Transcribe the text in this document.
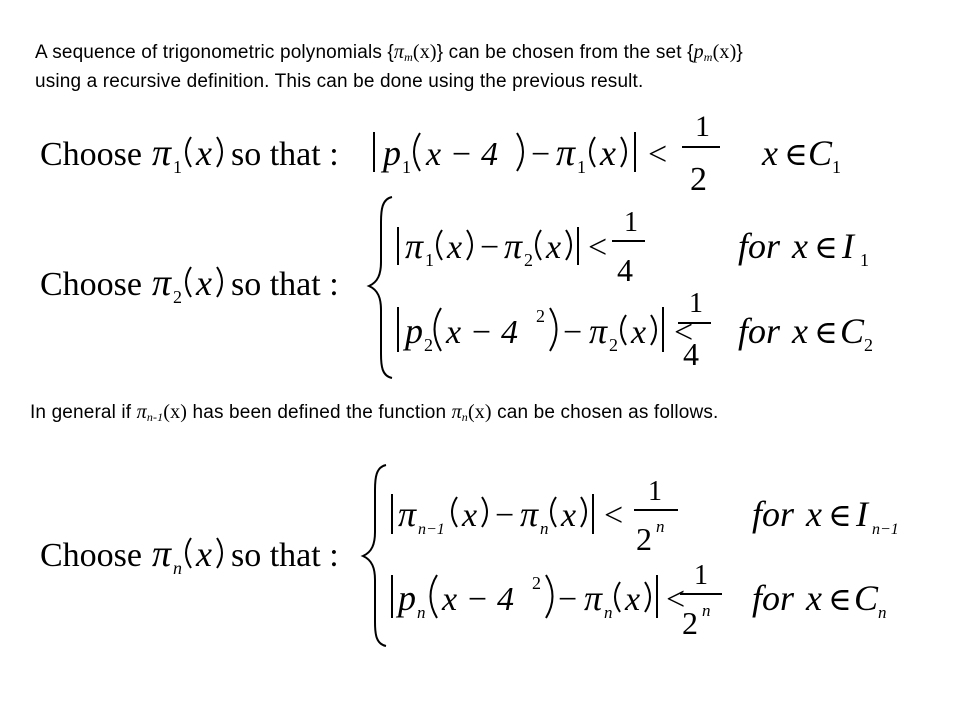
A sequence of trigonometric polynomials $\{\pi_m(x)\}$ can be chosen from the set $\{p_m(x)\}$
using a recursive definition. This can be done using the previous result.
In general if $\pi_{n-1}(x)$ has been defined the function $\pi_n(x)$ can be chosen as follows.
Choose π 1 x so that : p 1 x − 4 − π 1 x <
1
2
x ∈ C 1
Choose π 2 x so that :
π 1 x − π 2 x <
1
4
for x ∈ I 1
p 2 x − 4 2 − π 2 x <
1
4
for x ∈ C 2
Choose π n x so that :
π n−1 x − π n x <
1
2 n for x ∈ I n−1
p n x − 4 2 − π n x <
1
2 n for x ∈ C n
